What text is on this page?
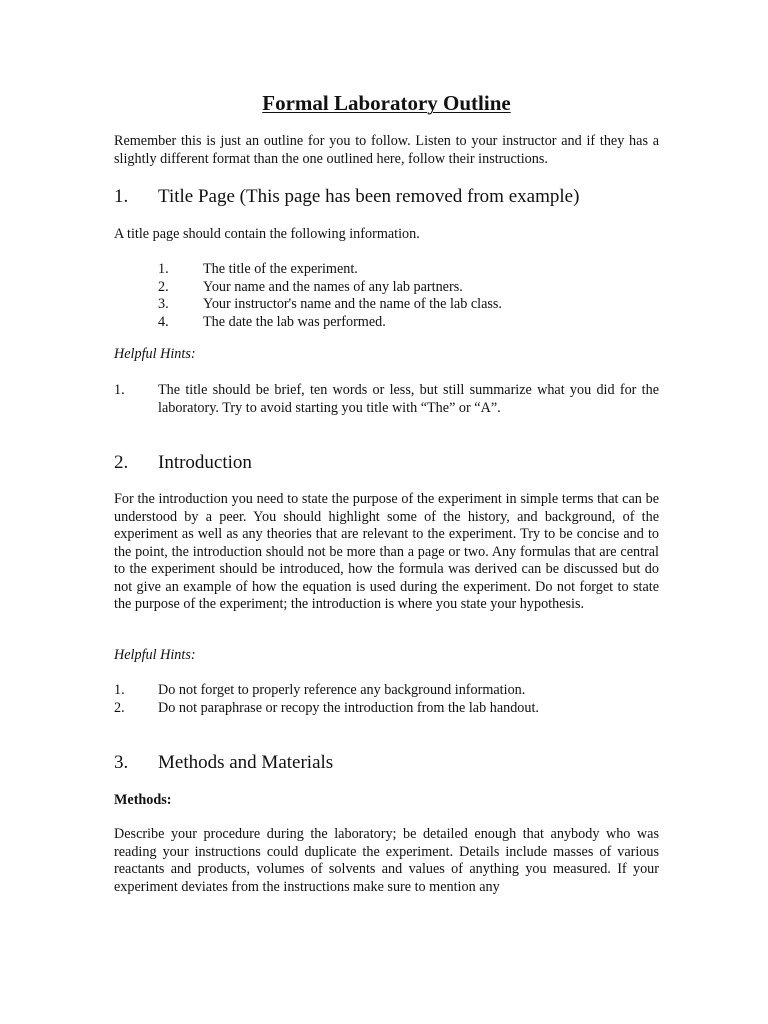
Formal Laboratory Outline

Remember this is just an outline for you to follow. Listen to your instructor and if they has a slightly different format than the one outlined here, follow their instructions.

1. Title Page (This page has been removed from example)

A title page should contain the following information.

1.	The title of the experiment.
2.	Your name and the names of any lab partners.
3.	Your instructor's name and the name of the lab class.
4.	The date the lab was performed.
Helpful Hints:
1.	The title should be brief, ten words or less, but still summarize what you did for the laboratory. Try to avoid starting you title with “The” or “A”.
2. Introduction

For the introduction you need to state the purpose of the experiment in simple terms that can be understood by a peer. You should highlight some of the history, and background, of the experiment as well as any theories that are relevant to the experiment. Try to be concise and to the point, the introduction should not be more than a page or two. Any formulas that are central to the experiment should be introduced, how the formula was derived can be discussed but do not give an example of how the equation is used during the experiment. Do not forget to state the purpose of the experiment; the introduction is where you state your hypothesis.

Helpful Hints:
1.	Do not forget to properly reference any background information.
2.	Do not paraphrase or recopy the introduction from the lab handout.
3. Methods and Materials
Methods:

Describe your procedure during the laboratory; be detailed enough that anybody who was reading your instructions could duplicate the experiment. Details include masses of various reactants and products, volumes of solvents and values of anything you measured. If your experiment deviates from the instructions make sure to mention any
